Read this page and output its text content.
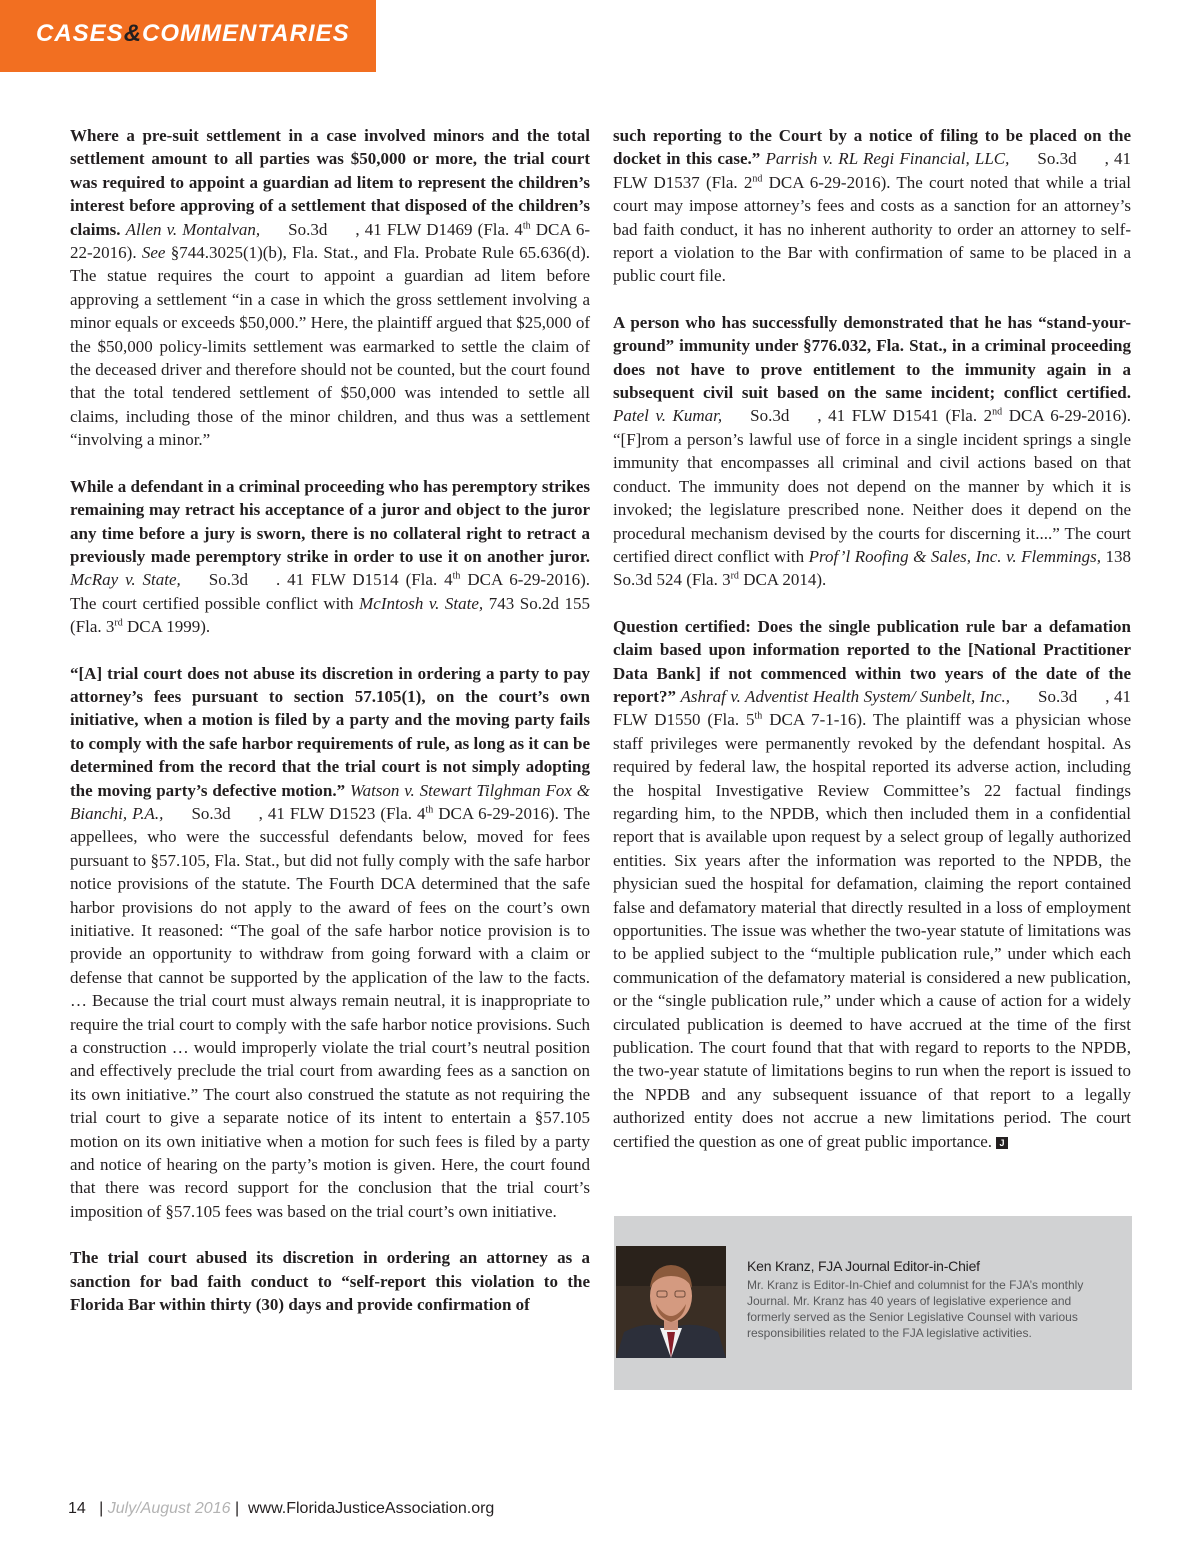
CASES&COMMENTARIES

Where a pre-suit settlement in a case involved minors and the total settlement amount to all parties was $50,000 or more, the trial court was required to appoint a guardian ad litem to represent the children’s interest before approving of a settlement that disposed of the children’s claims. Allen v. Montalvan, So.3d , 41 FLW D1469 (Fla. 4th DCA 6-22-2016). See §744.3025(1)(b), Fla. Stat., and Fla. Probate Rule 65.636(d). The statue requires the court to appoint a guardian ad litem before approving a settlement “in a case in which the gross settlement involving a minor equals or exceeds $50,000.” Here, the plaintiff argued that $25,000 of the $50,000 policy-limits settlement was earmarked to settle the claim of the deceased driver and therefore should not be counted, but the court found that the total tendered settlement of $50,000 was intended to settle all claims, including those of the minor children, and thus was a settlement “involving a minor.”

While a defendant in a criminal proceeding who has peremptory strikes remaining may retract his acceptance of a juror and object to the juror any time before a jury is sworn, there is no collateral right to retract a previously made peremptory strike in order to use it on another juror. McRay v. State, So.3d . 41 FLW D1514 (Fla. 4th DCA 6-29-2016). The court certified possible conflict with McIntosh v. State, 743 So.2d 155 (Fla. 3rd DCA 1999).

“[A] trial court does not abuse its discretion in ordering a party to pay attorney’s fees pursuant to section 57.105(1), on the court’s own initiative, when a motion is filed by a party and the moving party fails to comply with the safe harbor requirements of rule, as long as it can be determined from the record that the trial court is not simply adopting the moving party’s defective motion.” Watson v. Stewart Tilghman Fox & Bianchi, P.A., So.3d , 41 FLW D1523 (Fla. 4th DCA 6-29-2016). The appellees, who were the successful defendants below, moved for fees pursuant to §57.105, Fla. Stat., but did not fully comply with the safe harbor notice provisions of the statute. The Fourth DCA determined that the safe harbor provisions do not apply to the award of fees on the court’s own initiative. It reasoned: “The goal of the safe harbor notice provision is to provide an opportunity to withdraw from going forward with a claim or defense that cannot be supported by the application of the law to the facts. … Because the trial court must always remain neutral, it is inappropriate to require the trial court to comply with the safe harbor notice provisions. Such a construction … would improperly violate the trial court’s neutral position and effectively preclude the trial court from awarding fees as a sanction on its own initiative.” The court also construed the statute as not requiring the trial court to give a separate notice of its intent to entertain a §57.105 motion on its own initiative when a motion for such fees is filed by a party and notice of hearing on the party’s motion is given. Here, the court found that there was record support for the conclusion that the trial court’s imposition of §57.105 fees was based on the trial court’s own initiative.

The trial court abused its discretion in ordering an attorney as a sanction for bad faith conduct to “self-report this violation to the Florida Bar within thirty (30) days and provide confirmation of

such reporting to the Court by a notice of filing to be placed on the docket in this case.” Parrish v. RL Regi Financial, LLC, So.3d , 41 FLW D1537 (Fla. 2nd DCA 6-29-2016). The court noted that while a trial court may impose attorney’s fees and costs as a sanction for an attorney’s bad faith conduct, it has no inherent authority to order an attorney to self-report a violation to the Bar with confirmation of same to be placed in a public court file.

A person who has successfully demonstrated that he has “stand-your-ground” immunity under §776.032, Fla. Stat., in a criminal proceeding does not have to prove entitlement to the immunity again in a subsequent civil suit based on the same incident; conflict certified. Patel v. Kumar, So.3d , 41 FLW D1541 (Fla. 2nd DCA 6-29-2016). “[F]rom a person’s lawful use of force in a single incident springs a single immunity that encompasses all criminal and civil actions based on that conduct. The immunity does not depend on the manner by which it is invoked; the legislature prescribed none. Neither does it depend on the procedural mechanism devised by the courts for discerning it....” The court certified direct conflict with Prof’l Roofing & Sales, Inc. v. Flemmings, 138 So.3d 524 (Fla. 3rd DCA 2014).

Question certified: Does the single publication rule bar a defamation claim based upon information reported to the [National Practitioner Data Bank] if not commenced within two years of the date of the report?” Ashraf v. Adventist Health System/ Sunbelt, Inc., So.3d , 41 FLW D1550 (Fla. 5th DCA 7-1-16). The plaintiff was a physician whose staff privileges were permanently revoked by the defendant hospital. As required by federal law, the hospital reported its adverse action, including the hospital Investigative Review Committee’s 22 factual findings regarding him, to the NPDB, which then included them in a confidential report that is available upon request by a select group of legally authorized entities. Six years after the information was reported to the NPDB, the physician sued the hospital for defamation, claiming the report contained false and defamatory material that directly resulted in a loss of employment opportunities. The issue was whether the two-year statute of limitations was to be applied subject to the “multiple publication rule,” under which each communication of the defamatory material is considered a new publication, or the “single publication rule,” under which a cause of action for a widely circulated publication is deemed to have accrued at the time of the first publication. The court found that that with regard to reports to the NPDB, the two-year statute of limitations begins to run when the report is issued to the NPDB and any subsequent issuance of that report to a legally authorized entity does not accrue a new limitations period. The court certified the question as one of great public importance. J

Ken Kranz, FJA Journal Editor-in-Chief
Mr. Kranz is Editor-In-Chief and columnist for the FJA’s monthly Journal. Mr. Kranz has 40 years of legislative experience and formerly served as the Senior Legislative Counsel with various responsibilities related to the FJA legislative activities.
14 | July/August 2016 | www.FloridaJusticeAssociation.org
